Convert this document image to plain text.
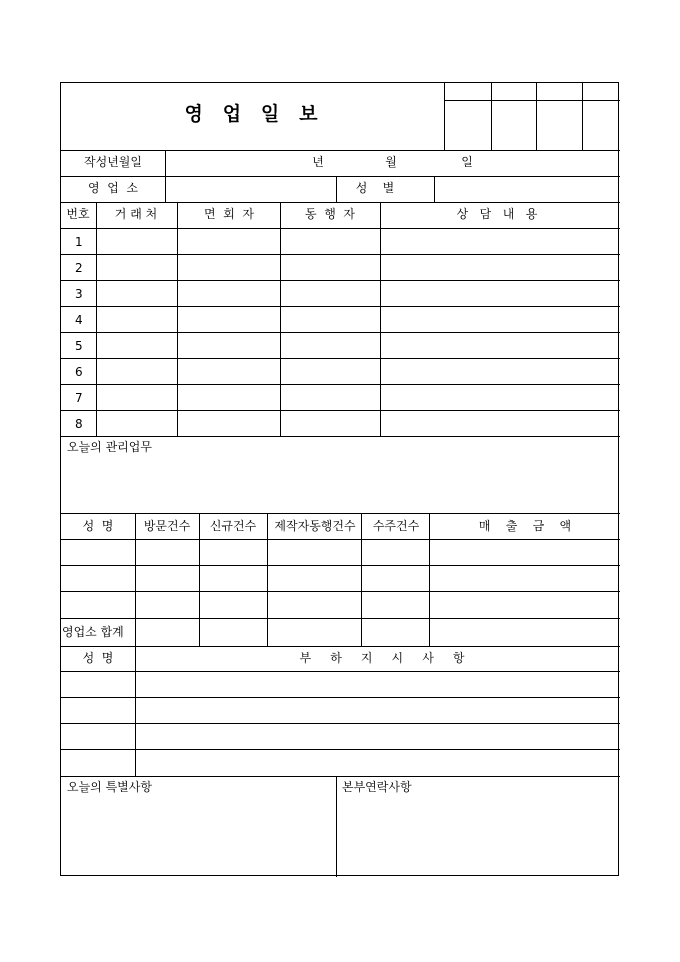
영   업   일   보
작성년월일	년	월	일
영  업  소	성    별
번호 거 래 처	면  회  자	동  행  자	상   담   내   용
1
2
3
4
5
6
7
8
오늘의 관리업무
성  명	방문건수 신규건수 제작자동행건수 수주건수	매    출    금    액
영업소 합계
성  명	부     하     지     시     사     항
오늘의 특별사항	본부연락사항
